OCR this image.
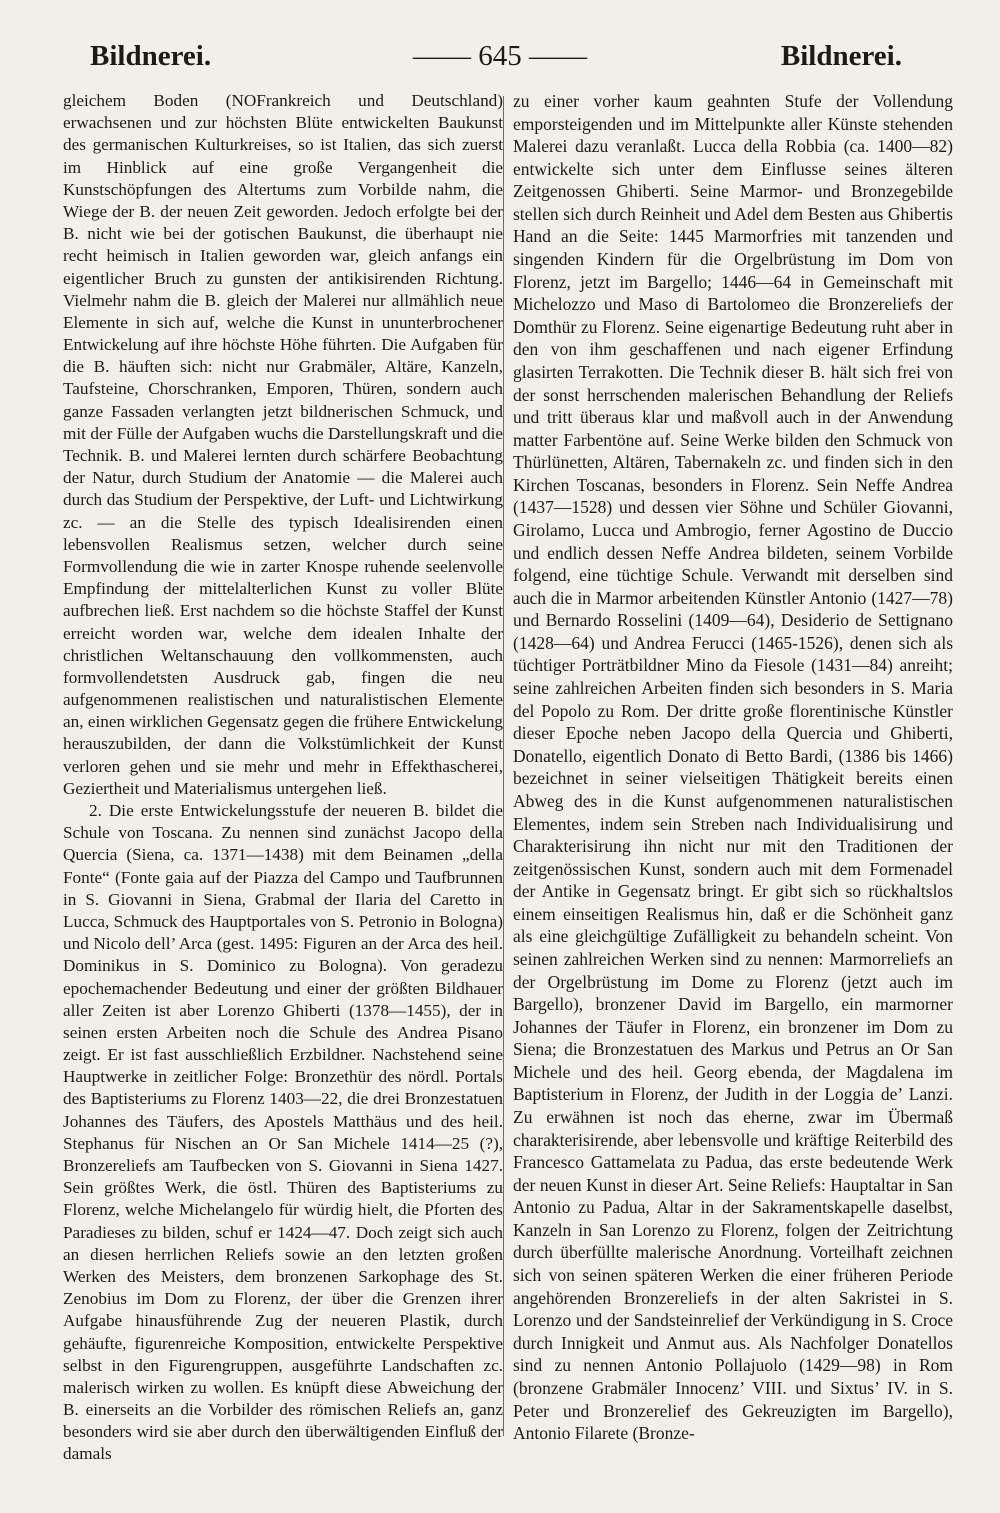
Bildnerei.	—— 645 ——	Bildnerei.

gleichem Boden (NOFrankreich und Deutschland) erwachsenen und zur höchsten Blüte entwickelten Baukunst des germanischen Kulturkreises, so ist Italien, das sich zuerst im Hinblick auf eine große Vergangenheit die Kunstschöpfungen des Altertums zum Vorbilde nahm, die Wiege der B. der neuen Zeit geworden. Jedoch erfolgte bei der B. nicht wie bei der gotischen Baukunst, die überhaupt nie recht heimisch in Italien geworden war, gleich anfangs ein eigentlicher Bruch zu gunsten der antikisirenden Richtung. Vielmehr nahm die B. gleich der Malerei nur allmählich neue Elemente in sich auf, welche die Kunst in ununterbrochener Entwickelung auf ihre höchste Höhe führten. Die Aufgaben für die B. häuften sich: nicht nur Grabmäler, Altäre, Kanzeln, Taufsteine, Chorschranken, Emporen, Thüren, sondern auch ganze Fassaden verlangten jetzt bildnerischen Schmuck, und mit der Fülle der Aufgaben wuchs die Darstellungskraft und die Technik. B. und Malerei lernten durch schärfere Beobachtung der Natur, durch Studium der Anatomie — die Malerei auch durch das Studium der Perspektive, der Luft- und Lichtwirkung zc. — an die Stelle des typisch Idealisirenden einen lebensvollen Realismus setzen, welcher durch seine Formvollendung die wie in zarter Knospe ruhende seelenvolle Empfindung der mittelalterlichen Kunst zu voller Blüte aufbrechen ließ. Erst nachdem so die höchste Staffel der Kunst erreicht worden war, welche dem idealen Inhalte der christlichen Weltanschauung den vollkommensten, auch formvollendetsten Ausdruck gab, fingen die neu aufgenommenen realistischen und naturalistischen Elemente an, einen wirklichen Gegensatz gegen die frühere Entwickelung herauszubilden, der dann die Volkstümlichkeit der Kunst verloren gehen und sie mehr und mehr in Effekthascherei, Geziertheit und Materialismus untergehen ließ.

2. Die erste Entwickelungsstufe der neueren B. bildet die Schule von Toscana. Zu nennen sind zunächst Jacopo della Quercia (Siena, ca. 1371—1438) mit dem Beinamen „della Fonte“ (Fonte gaia auf der Piazza del Campo und Taufbrunnen in S. Giovanni in Siena, Grabmal der Ilaria del Caretto in Lucca, Schmuck des Hauptportales von S. Petronio in Bologna) und Nicolo dell’ Arca (gest. 1495: Figuren an der Arca des heil. Dominikus in S. Dominico zu Bologna). Von geradezu epochemachender Bedeutung und einer der größten Bildhauer aller Zeiten ist aber Lorenzo Ghiberti (1378—1455), der in seinen ersten Arbeiten noch die Schule des Andrea Pisano zeigt. Er ist fast ausschließlich Erzbildner. Nachstehend seine Hauptwerke in zeitlicher Folge: Bronzethür des nördl. Portals des Baptisteriums zu Florenz 1403—22, die drei Bronzestatuen Johannes des Täufers, des Apostels Matthäus und des heil. Stephanus für Nischen an Or San Michele 1414—25 (?), Bronzereliefs am Taufbecken von S. Giovanni in Siena 1427. Sein größtes Werk, die östl. Thüren des Baptisteriums zu Florenz, welche Michelangelo für würdig hielt, die Pforten des Paradieses zu bilden, schuf er 1424—47. Doch zeigt sich auch an diesen herrlichen Reliefs sowie an den letzten großen Werken des Meisters, dem bronzenen Sarkophage des St. Zenobius im Dom zu Florenz, der über die Grenzen ihrer Aufgabe hinausführende Zug der neueren Plastik, durch gehäufte, figurenreiche Komposition, entwickelte Perspektive selbst in den Figurengruppen, ausgeführte Landschaften zc. malerisch wirken zu wollen. Es knüpft diese Abweichung der B. einerseits an die Vorbilder des römischen Reliefs an, ganz besonders wird sie aber durch den überwältigenden Einfluß der damals

zu einer vorher kaum geahnten Stufe der Vollendung emporsteigenden und im Mittelpunkte aller Künste stehenden Malerei dazu veranlaßt. Lucca della Robbia (ca. 1400—82) entwickelte sich unter dem Einflusse seines älteren Zeitgenossen Ghiberti. Seine Marmor- und Bronzegebilde stellen sich durch Reinheit und Adel dem Besten aus Ghibertis Hand an die Seite: 1445 Marmorfries mit tanzenden und singenden Kindern für die Orgelbrüstung im Dom von Florenz, jetzt im Bargello; 1446—64 in Gemeinschaft mit Michelozzo und Maso di Bartolomeo die Bronzereliefs der Domthür zu Florenz. Seine eigenartige Bedeutung ruht aber in den von ihm geschaffenen und nach eigener Erfindung glasirten Terrakotten. Die Technik dieser B. hält sich frei von der sonst herrschenden malerischen Behandlung der Reliefs und tritt überaus klar und maßvoll auch in der Anwendung matter Farbentöne auf. Seine Werke bilden den Schmuck von Thürlünetten, Altären, Tabernakeln zc. und finden sich in den Kirchen Toscanas, besonders in Florenz. Sein Neffe Andrea (1437—1528) und dessen vier Söhne und Schüler Giovanni, Girolamo, Lucca und Ambrogio, ferner Agostino de Duccio und endlich dessen Neffe Andrea bildeten, seinem Vorbilde folgend, eine tüchtige Schule. Verwandt mit derselben sind auch die in Marmor arbeitenden Künstler Antonio (1427—78) und Bernardo Rosselini (1409—64), Desiderio de Settignano (1428—64) und Andrea Ferucci (1465-1526), denen sich als tüchtiger Porträtbildner Mino da Fiesole (1431—84) anreiht; seine zahlreichen Arbeiten finden sich besonders in S. Maria del Popolo zu Rom. Der dritte große florentinische Künstler dieser Epoche neben Jacopo della Quercia und Ghiberti, Donatello, eigentlich Donato di Betto Bardi, (1386 bis 1466) bezeichnet in seiner vielseitigen Thätigkeit bereits einen Abweg des in die Kunst aufgenommenen naturalistischen Elementes, indem sein Streben nach Individualisirung und Charakterisirung ihn nicht nur mit den Traditionen der zeitgenössischen Kunst, sondern auch mit dem Formenadel der Antike in Gegensatz bringt. Er gibt sich so rückhaltslos einem einseitigen Realismus hin, daß er die Schönheit ganz als eine gleichgültige Zufälligkeit zu behandeln scheint. Von seinen zahlreichen Werken sind zu nennen: Marmorreliefs an der Orgelbrüstung im Dome zu Florenz (jetzt auch im Bargello), bronzener David im Bargello, ein marmorner Johannes der Täufer in Florenz, ein bronzener im Dom zu Siena; die Bronzestatuen des Markus und Petrus an Or San Michele und des heil. Georg ebenda, der Magdalena im Baptisterium in Florenz, der Judith in der Loggia de’ Lanzi. Zu erwähnen ist noch das eherne, zwar im Übermaß charakterisirende, aber lebensvolle und kräftige Reiterbild des Francesco Gattamelata zu Padua, das erste bedeutende Werk der neuen Kunst in dieser Art. Seine Reliefs: Hauptaltar in San Antonio zu Padua, Altar in der Sakramentskapelle daselbst, Kanzeln in San Lorenzo zu Florenz, folgen der Zeitrichtung durch überfüllte malerische Anordnung. Vorteilhaft zeichnen sich von seinen späteren Werken die einer früheren Periode angehörenden Bronzereliefs in der alten Sakristei in S. Lorenzo und der Sandsteinrelief der Verkündigung in S. Croce durch Innigkeit und Anmut aus. Als Nachfolger Donatellos sind zu nennen Antonio Pollajuolo (1429—98) in Rom (bronzene Grabmäler Innocenz’ VIII. und Sixtus’ IV. in S. Peter und Bronzerelief des Gekreuzigten im Bargello), Antonio Filarete (Bronze-
